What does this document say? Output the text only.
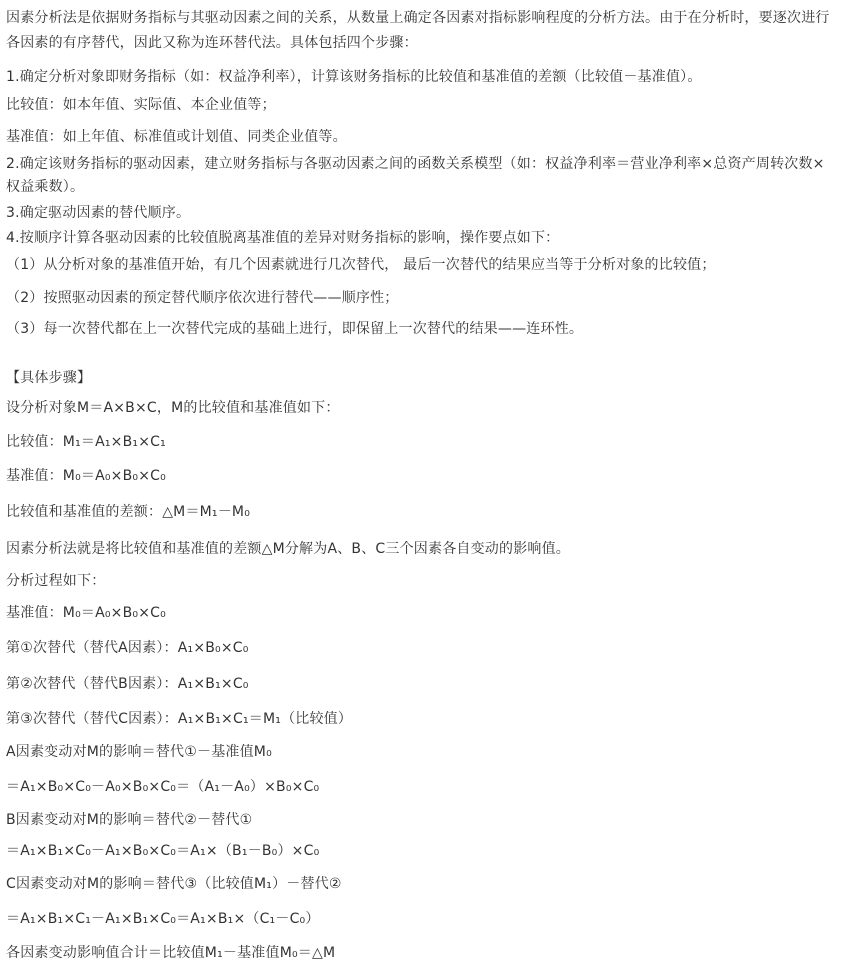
因素分析法是依据财务指标与其驱动因素之间的关系，从数量上确定各因素对指标影响程度的分析方法。由于在分析时，要逐次进行各因素的有序替代，因此又称为连环替代法。具体包括四个步骤：
1.确定分析对象即财务指标（如：权益净利率），计算该财务指标的比较值和基准值的差额（比较值－基准值）。
比较值：如本年值、实际值、本企业值等；
基准值：如上年值、标准值或计划值、同类企业值等。
2.确定该财务指标的驱动因素，建立财务指标与各驱动因素之间的函数关系模型（如：权益净利率＝营业净利率×总资产周转次数×权益乘数）。
3.确定驱动因素的替代顺序。
4.按顺序计算各驱动因素的比较值脱离基准值的差异对财务指标的影响，操作要点如下：
（1）从分析对象的基准值开始，有几个因素就进行几次替代， 最后一次替代的结果应当等于分析对象的比较值；
（2）按照驱动因素的预定替代顺序依次进行替代——顺序性；
（3）每一次替代都在上一次替代完成的基础上进行，即保留上一次替代的结果——连环性。
【具体步骤】
设分析对象M＝A×B×C，M的比较值和基准值如下：
比较值：M₁＝A₁×B₁×C₁
基准值：M₀＝A₀×B₀×C₀
比较值和基准值的差额：△M＝M₁－M₀
因素分析法就是将比较值和基准值的差额△M分解为A、B、C三个因素各自变动的影响值。
分析过程如下：
基准值：M₀＝A₀×B₀×C₀
第①次替代（替代A因素）：A₁×B₀×C₀
第②次替代（替代B因素）：A₁×B₁×C₀
第③次替代（替代C因素）：A₁×B₁×C₁＝M₁（比较值）
A因素变动对M的影响＝替代①－基准值M₀
＝A₁×B₀×C₀－A₀×B₀×C₀＝（A₁－A₀）×B₀×C₀
B因素变动对M的影响＝替代②－替代①
＝A₁×B₁×C₀－A₁×B₀×C₀＝A₁×（B₁－B₀）×C₀
C因素变动对M的影响＝替代③（比较值M₁）－替代②
＝A₁×B₁×C₁－A₁×B₁×C₀＝A₁×B₁×（C₁－C₀）
各因素变动影响值合计＝比较值M₁－基准值M₀＝△M
